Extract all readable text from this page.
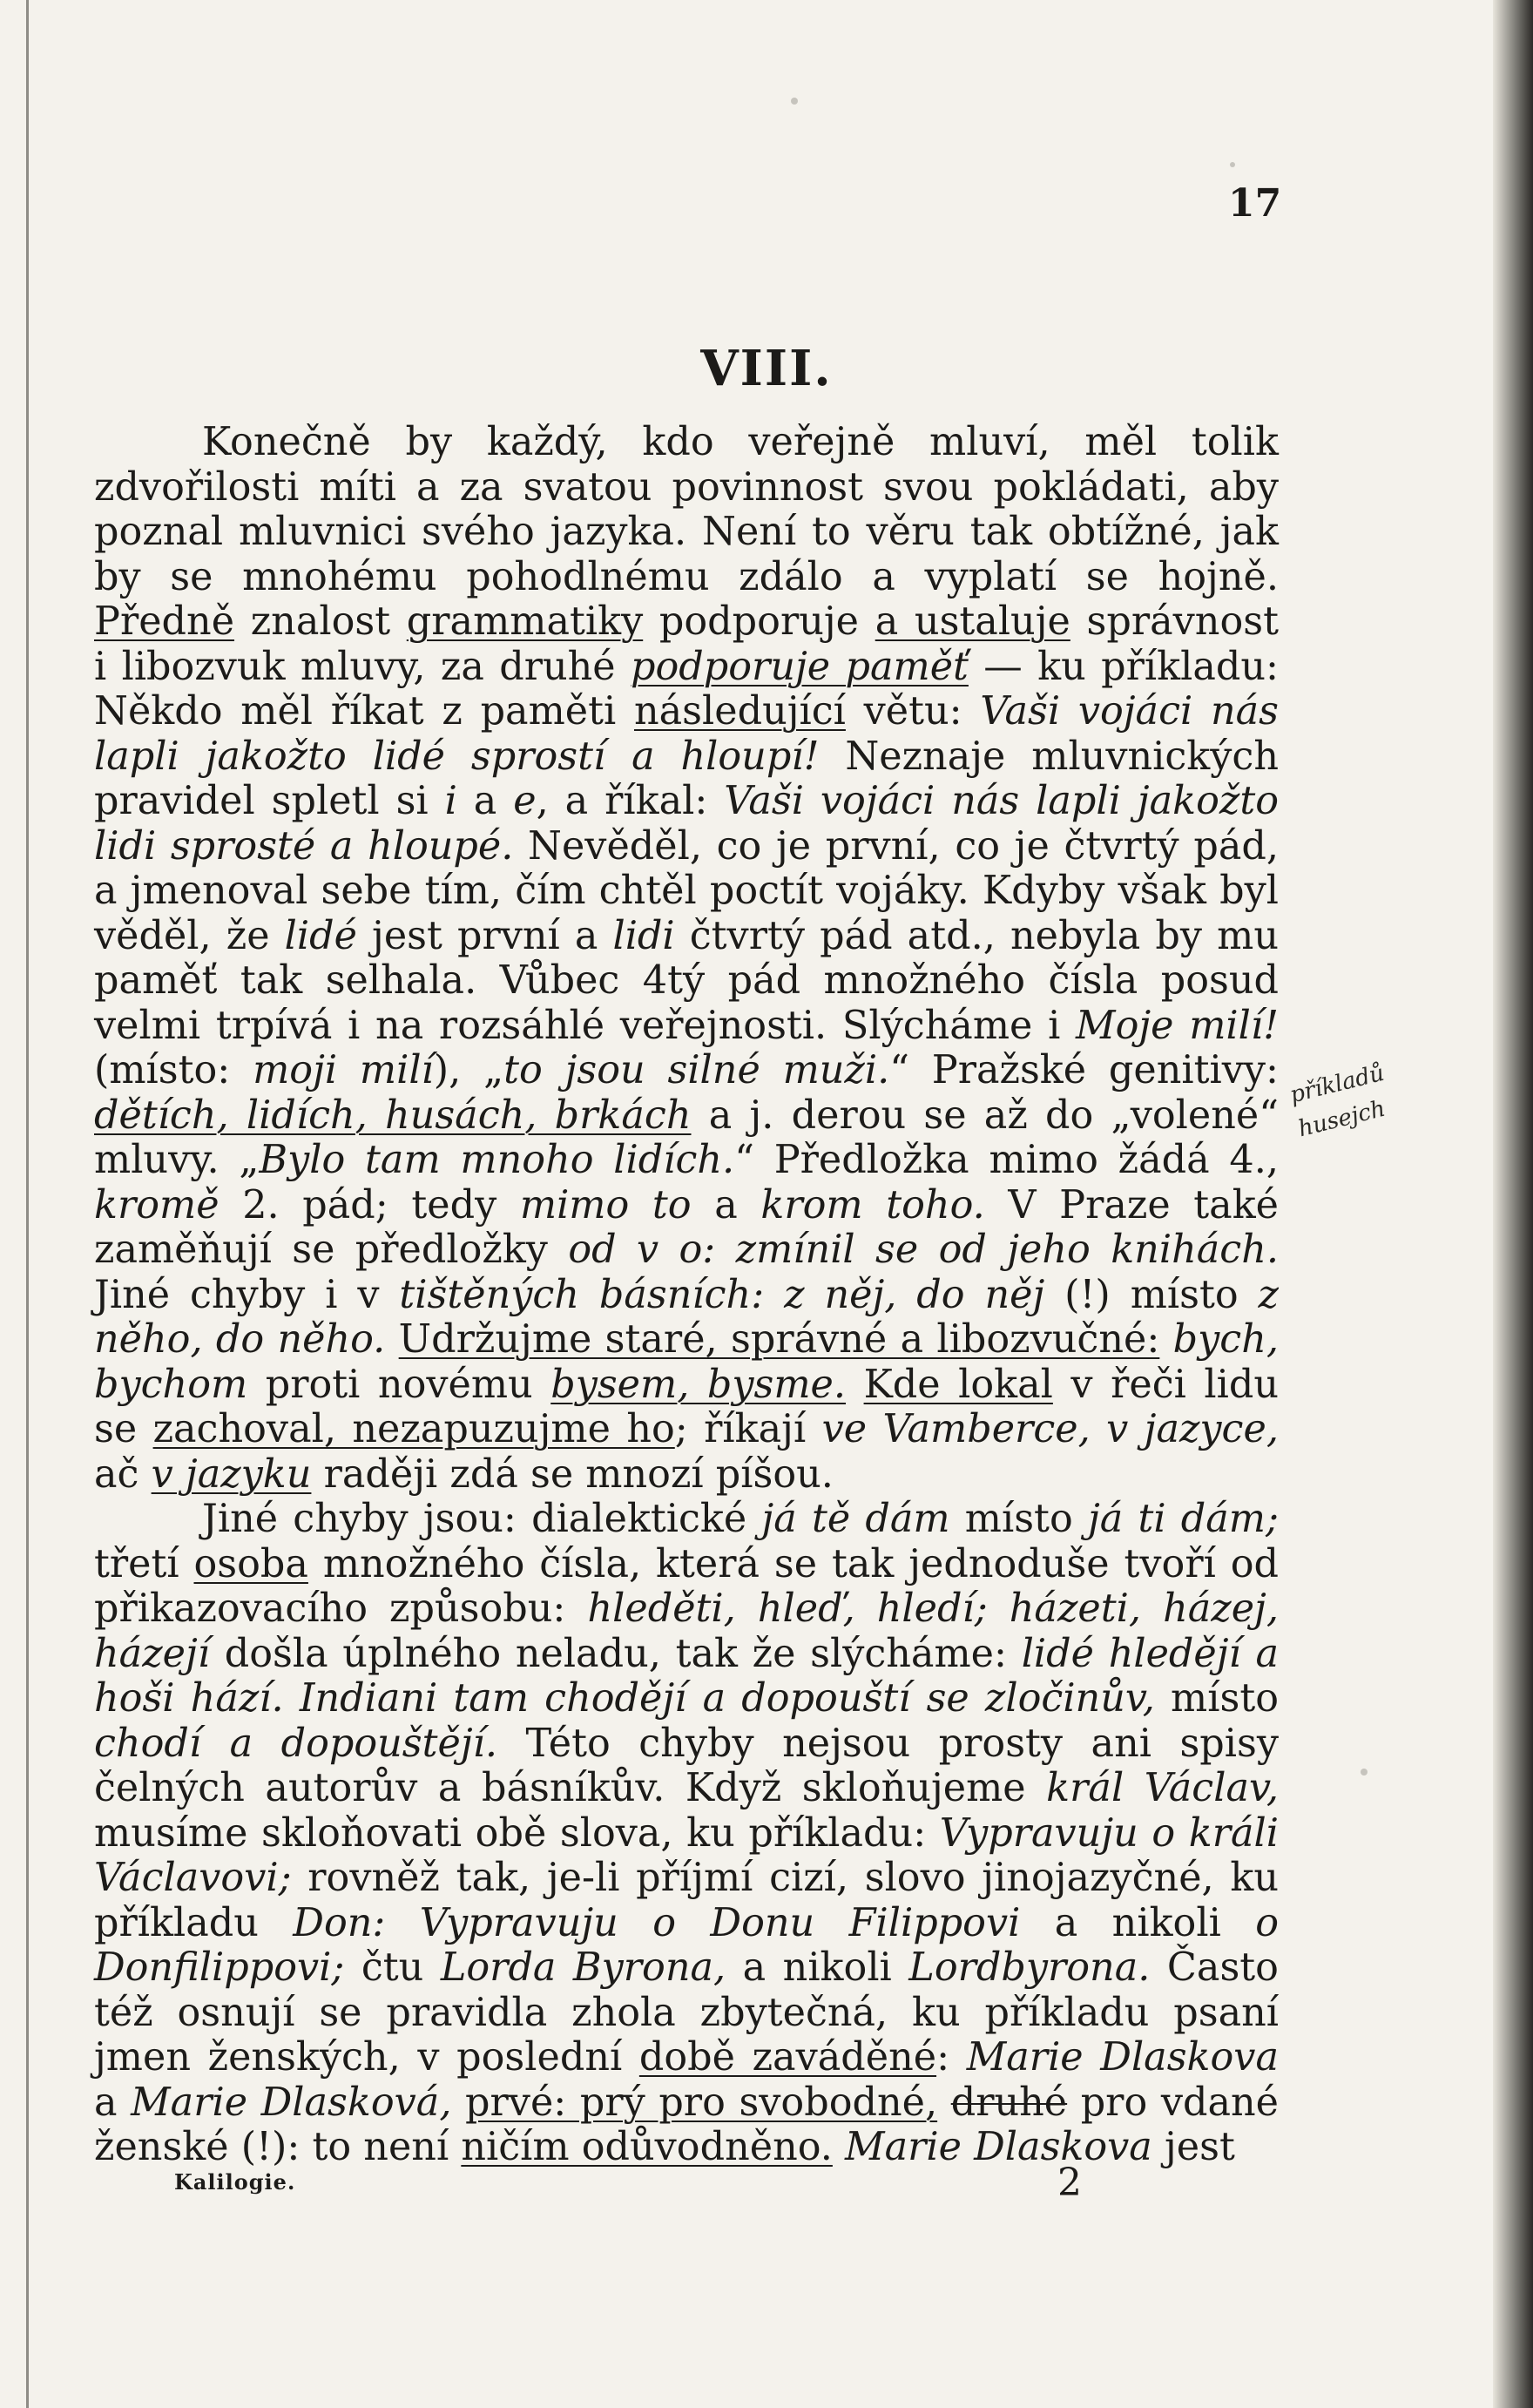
17
VIII.

Konečně by každý, kdo veřejně mluví, měl tolik zdvořilosti míti a za svatou povinnost svou pokládati, aby poznal mluvnici svého jazyka. Není to věru tak obtížné, jak by se mnohému pohodlnému zdálo a vyplatí se hojně. Předně znalost grammatiky podporuje a ustaluje správnost i libozvuk mluvy, za druhé podporuje paměť — ku příkladu: Někdo měl říkat z paměti následující větu: Vaši vojáci nás lapli jakožto lidé sprostí a hloupí! Neznaje mluvnických pravidel spletl si i a e, a říkal: Vaši vojáci nás lapli jakožto lidi sprosté a hloupé. Nevěděl, co je první, co je čtvrtý pád, a jmenoval sebe tím, čím chtěl poctít vojáky. Kdyby však byl věděl, že lidé jest první a lidi čtvrtý pád atd., nebyla by mu paměť tak selhala. Vůbec 4tý pád množného čísla posud velmi trpívá i na rozsáhlé veřejnosti. Slýcháme i Moje milí! (místo: moji milí), „to jsou silné muži.“ Pražské genitivy: dětích, lidích, husách, brkách a j. derou se až do „volené“ mluvy. „Bylo tam mnoho lidích.“ Předložka mimo žádá 4., kromě 2. pád; tedy mimo to a krom toho. V Praze také zaměňují se předložky od v o: zmínil se od jeho knihách. Jiné chyby i v tištěných básních: z něj, do něj (!) místo z něho, do něho. Udržujme staré, správné a libozvučné: bych, bychom proti novému bysem, bysme. Kde lokal v řeči lidu se zachoval, nezapuzujme ho; říkají ve Vamberce, v jazyce, ač v jazyku raději zdá se mnozí píšou.

Jiné chyby jsou: dialektické já tě dám místo já ti dám; třetí osoba množného čísla, která se tak jednoduše tvoří od přikazovacího způsobu: hleděti, hleď, hledí; házeti, házej, házejí došla úplného neladu, tak že slýcháme: lidé hledějí a hoši hází. Indiani tam chodějí a dopouští se zločinův, místo chodí a dopouštějí. Této chyby nejsou prosty ani spisy čelných autorův a básníkův. Když skloňujeme král Václav, musíme skloňovati obě slova, ku příkladu: Vypravuju o králi Václavovi; rovněž tak, je-li příjmí cizí, slovo jinojazyčné, ku příkladu Don: Vypravuju o Donu Filippovi a nikoli o Donfilippovi; čtu Lorda Byrona, a nikoli Lordbyrona. Často též osnují se pravidla zhola zbytečná, ku příkladu psaní jmen ženských, v poslední době zaváděné: Marie Dlaskova a Marie Dlasková, prvé: prý pro svobodné, druhé pro vdané ženské (!): to není ničím odůvodněno. Marie Dlaskova jest

příkladů husejch
Kalilogie.	2
